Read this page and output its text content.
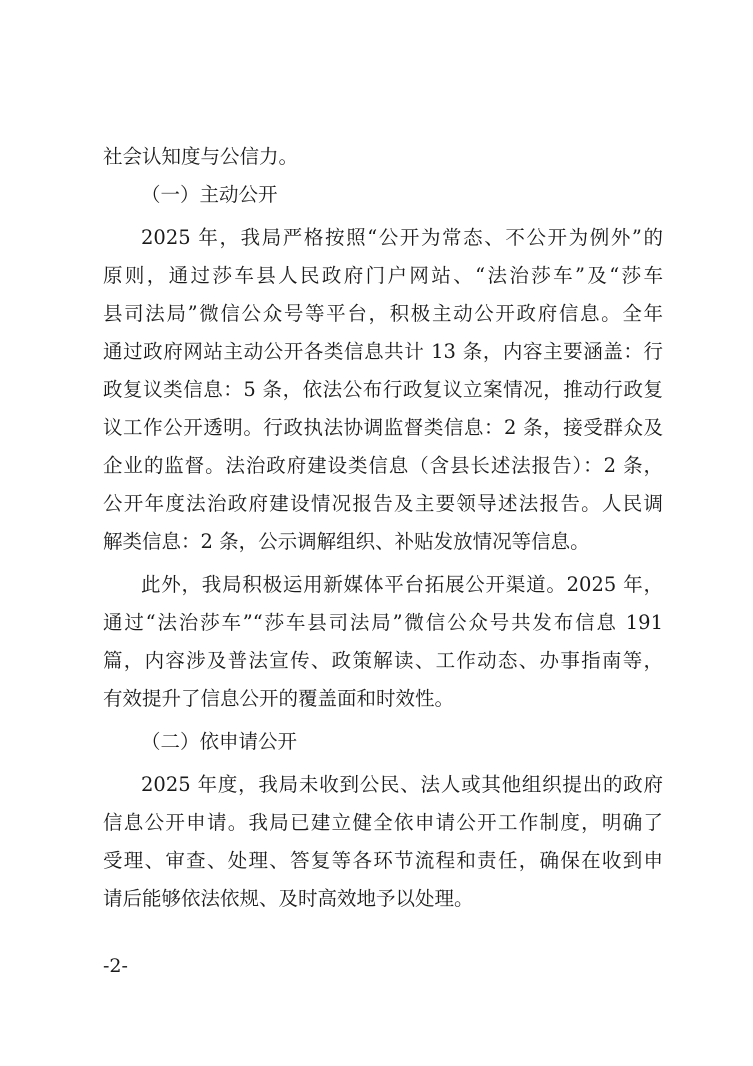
社会认知度与公信力。
（一）主动公开
2025 年，我局严格按照“公开为常态、不公开为例外”的
原则，通过莎车县人民政府门户网站、“法治莎车”及“莎车
县司法局”微信公众号等平台，积极主动公开政府信息。全年
通过政府网站主动公开各类信息共计 13 条，内容主要涵盖：行
政复议类信息：5 条，依法公布行政复议立案情况，推动行政复
议工作公开透明。行政执法协调监督类信息：2 条，接受群众及
企业的监督。法治政府建设类信息（含县长述法报告）：2 条，
公开年度法治政府建设情况报告及主要领导述法报告。人民调
解类信息：2 条，公示调解组织、补贴发放情况等信息。
此外，我局积极运用新媒体平台拓展公开渠道。2025 年，
通过“法治莎车”“莎车县司法局”微信公众号共发布信息 191
篇，内容涉及普法宣传、政策解读、工作动态、办事指南等，
有效提升了信息公开的覆盖面和时效性。
（二）依申请公开
2025 年度，我局未收到公民、法人或其他组织提出的政府
信息公开申请。我局已建立健全依申请公开工作制度，明确了
受理、审查、处理、答复等各环节流程和责任，确保在收到申
请后能够依法依规、及时高效地予以处理。
-2-
